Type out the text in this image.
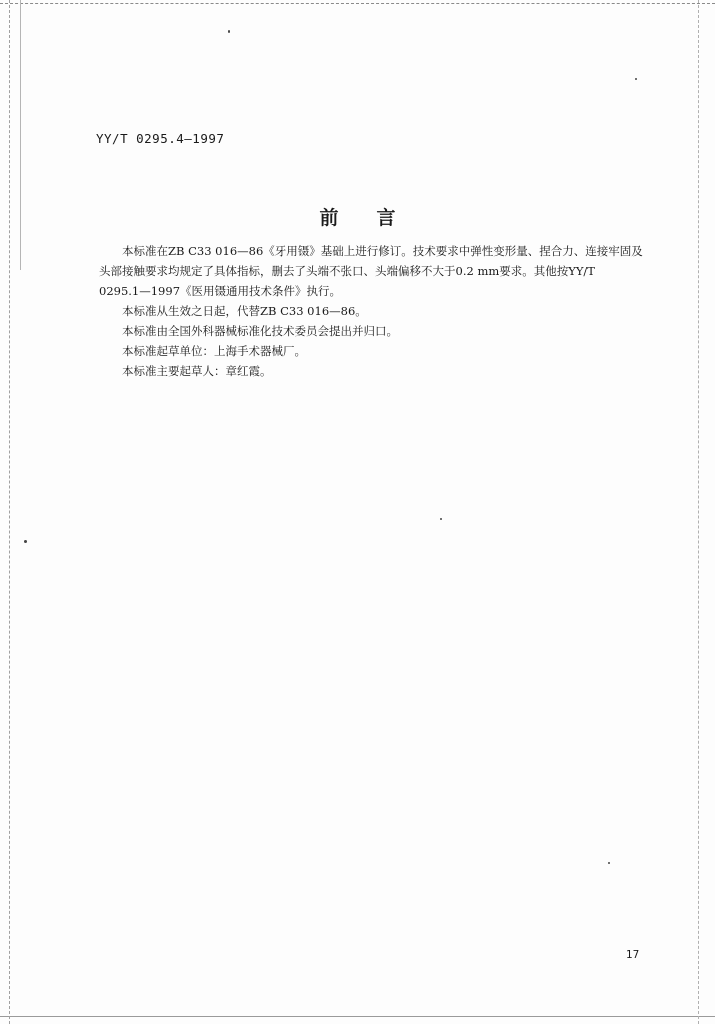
YY/T 0295.4—1997
前言
　　本标准在ZB C33 016—86《牙用镊》基础上进行修订。技术要求中弹性变形量、捏合力、连接牢固及
头部接触要求均规定了具体指标，删去了头端不张口、头端偏移不大于0.2 mm要求。其他按YY/T
0295.1—1997《医用镊通用技术条件》执行。
　　本标准从生效之日起，代替ZB C33 016—86。
　　本标准由全国外科器械标准化技术委员会提出并归口。
　　本标准起草单位：上海手术器械厂。
　　本标准主要起草人：章红霞。
17
